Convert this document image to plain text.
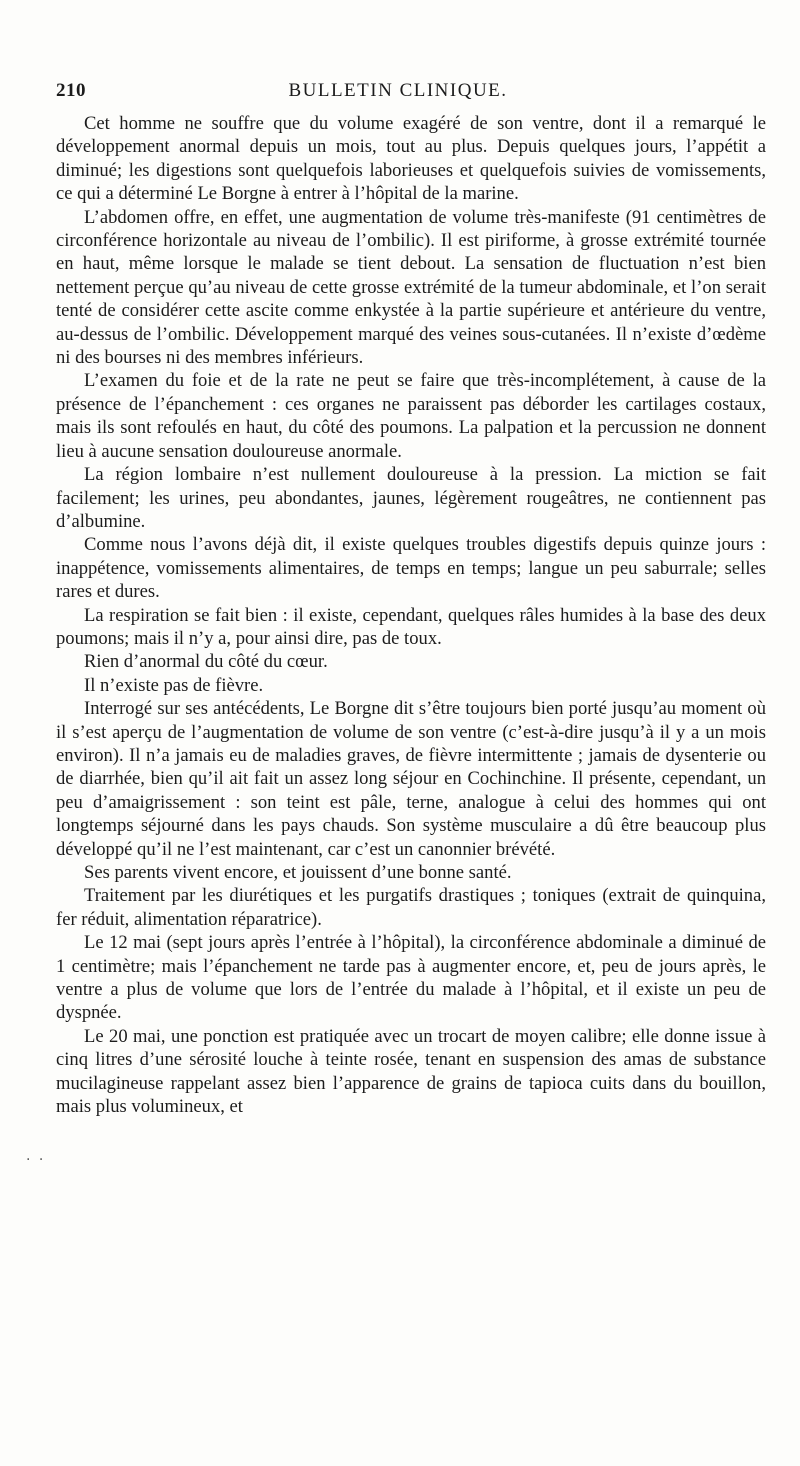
210	BULLETIN CLINIQUE.
· ·

Cet homme ne souffre que du volume exagéré de son ventre, dont il a remarqué le développement anormal depuis un mois, tout au plus. Depuis quelques jours, l’appétit a diminué; les digestions sont quelquefois laborieuses et quelquefois suivies de vomissements, ce qui a déterminé Le Borgne à entrer à l’hôpital de la marine.

L’abdomen offre, en effet, une augmentation de volume très-manifeste (91 centimètres de circonférence horizontale au niveau de l’ombilic). Il est piriforme, à grosse extrémité tournée en haut, même lorsque le malade se tient debout. La sensation de fluctuation n’est bien nettement perçue qu’au niveau de cette grosse extrémité de la tumeur abdominale, et l’on serait tenté de considérer cette ascite comme enkystée à la partie supérieure et antérieure du ventre, au-dessus de l’ombilic. Développement marqué des veines sous-cutanées. Il n’existe d’œdème ni des bourses ni des membres inférieurs.

L’examen du foie et de la rate ne peut se faire que très-incomplétement, à cause de la présence de l’épanchement : ces organes ne paraissent pas déborder les cartilages costaux, mais ils sont refoulés en haut, du côté des poumons. La palpation et la percussion ne donnent lieu à aucune sensation douloureuse anormale.

La région lombaire n’est nullement douloureuse à la pression. La miction se fait facilement; les urines, peu abondantes, jaunes, légèrement rougeâtres, ne contiennent pas d’albumine.

Comme nous l’avons déjà dit, il existe quelques troubles digestifs depuis quinze jours : inappétence, vomissements alimentaires, de temps en temps; langue un peu saburrale; selles rares et dures.

La respiration se fait bien : il existe, cependant, quelques râles humides à la base des deux poumons; mais il n’y a, pour ainsi dire, pas de toux.

Rien d’anormal du côté du cœur.

Il n’existe pas de fièvre.

Interrogé sur ses antécédents, Le Borgne dit s’être toujours bien porté jusqu’au moment où il s’est aperçu de l’augmentation de volume de son ventre (c’est-à-dire jusqu’à il y a un mois environ). Il n’a jamais eu de maladies graves, de fièvre intermittente ; jamais de dysenterie ou de diarrhée, bien qu’il ait fait un assez long séjour en Cochinchine. Il présente, cependant, un peu d’amaigrissement : son teint est pâle, terne, analogue à celui des hommes qui ont longtemps séjourné dans les pays chauds. Son système musculaire a dû être beaucoup plus développé qu’il ne l’est maintenant, car c’est un canonnier brévété.

Ses parents vivent encore, et jouissent d’une bonne santé.

Traitement par les diurétiques et les purgatifs drastiques ; toniques (extrait de quinquina, fer réduit, alimentation réparatrice).

Le 12 mai (sept jours après l’entrée à l’hôpital), la circonférence abdominale a diminué de 1 centimètre; mais l’épanchement ne tarde pas à augmenter encore, et, peu de jours après, le ventre a plus de volume que lors de l’entrée du malade à l’hôpital, et il existe un peu de dyspnée.

Le 20 mai, une ponction est pratiquée avec un trocart de moyen calibre; elle donne issue à cinq litres d’une sérosité louche à teinte rosée, tenant en suspension des amas de substance mucilagineuse rappelant assez bien l’apparence de grains de tapioca cuits dans du bouillon, mais plus volumineux, et
